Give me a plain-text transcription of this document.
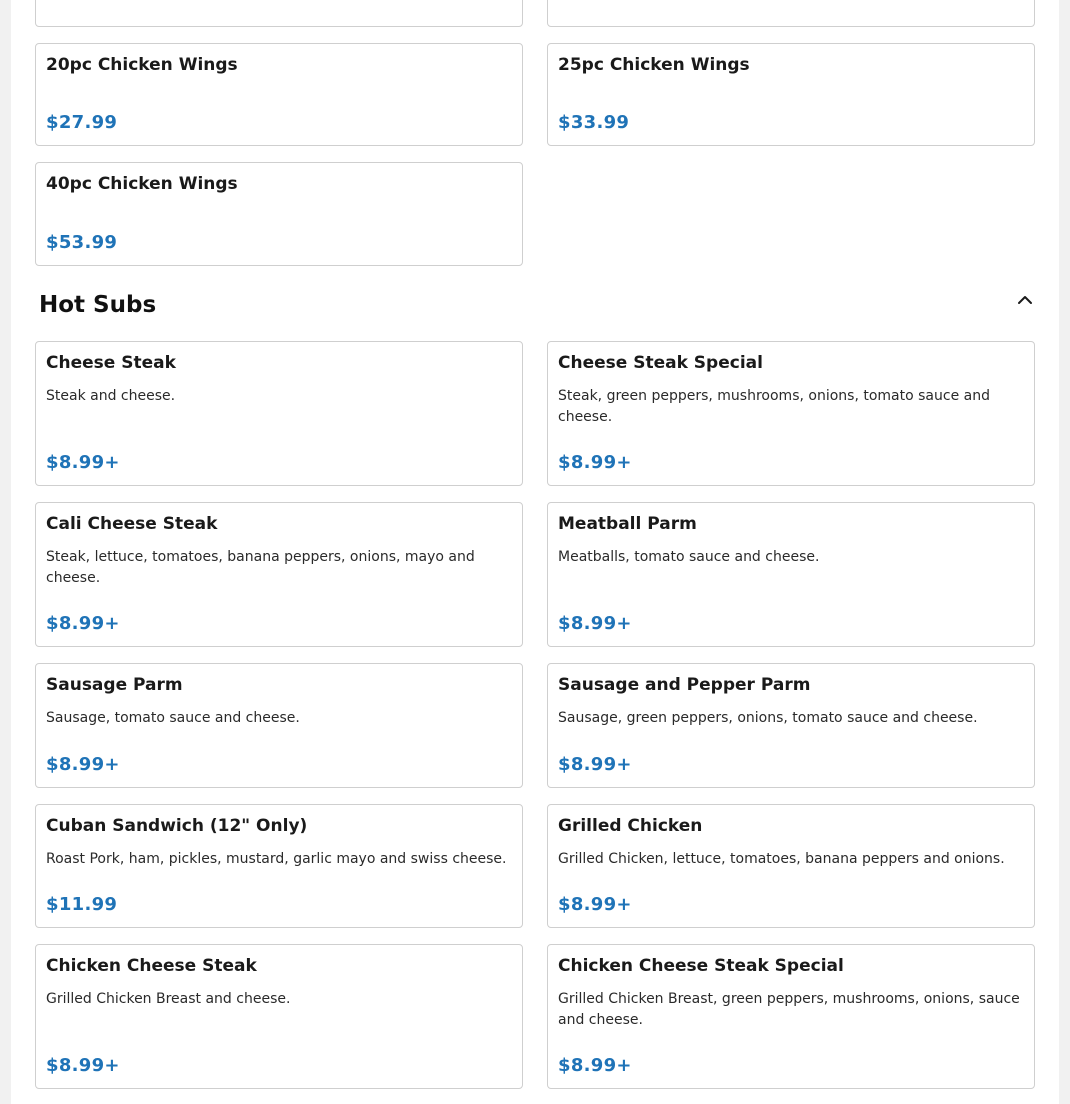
20pc Chicken Wings
$27.99
25pc Chicken Wings
$33.99
40pc Chicken Wings
$53.99
Hot Subs
Cheese Steak
Steak and cheese.
$8.99+
Cheese Steak Special
Steak, green peppers, mushrooms, onions, tomato sauce and cheese.
$8.99+
Cali Cheese Steak
Steak, lettuce, tomatoes, banana peppers, onions, mayo and cheese.
$8.99+
Meatball Parm
Meatballs, tomato sauce and cheese.
$8.99+
Sausage Parm
Sausage, tomato sauce and cheese.
$8.99+
Sausage and Pepper Parm
Sausage, green peppers, onions, tomato sauce and cheese.
$8.99+
Cuban Sandwich (12" Only)
Roast Pork, ham, pickles, mustard, garlic mayo and swiss cheese.
$11.99
Grilled Chicken
Grilled Chicken, lettuce, tomatoes, banana peppers and onions.
$8.99+
Chicken Cheese Steak
Grilled Chicken Breast and cheese.
$8.99+
Chicken Cheese Steak Special
Grilled Chicken Breast, green peppers, mushrooms, onions, sauce and cheese.
$8.99+
